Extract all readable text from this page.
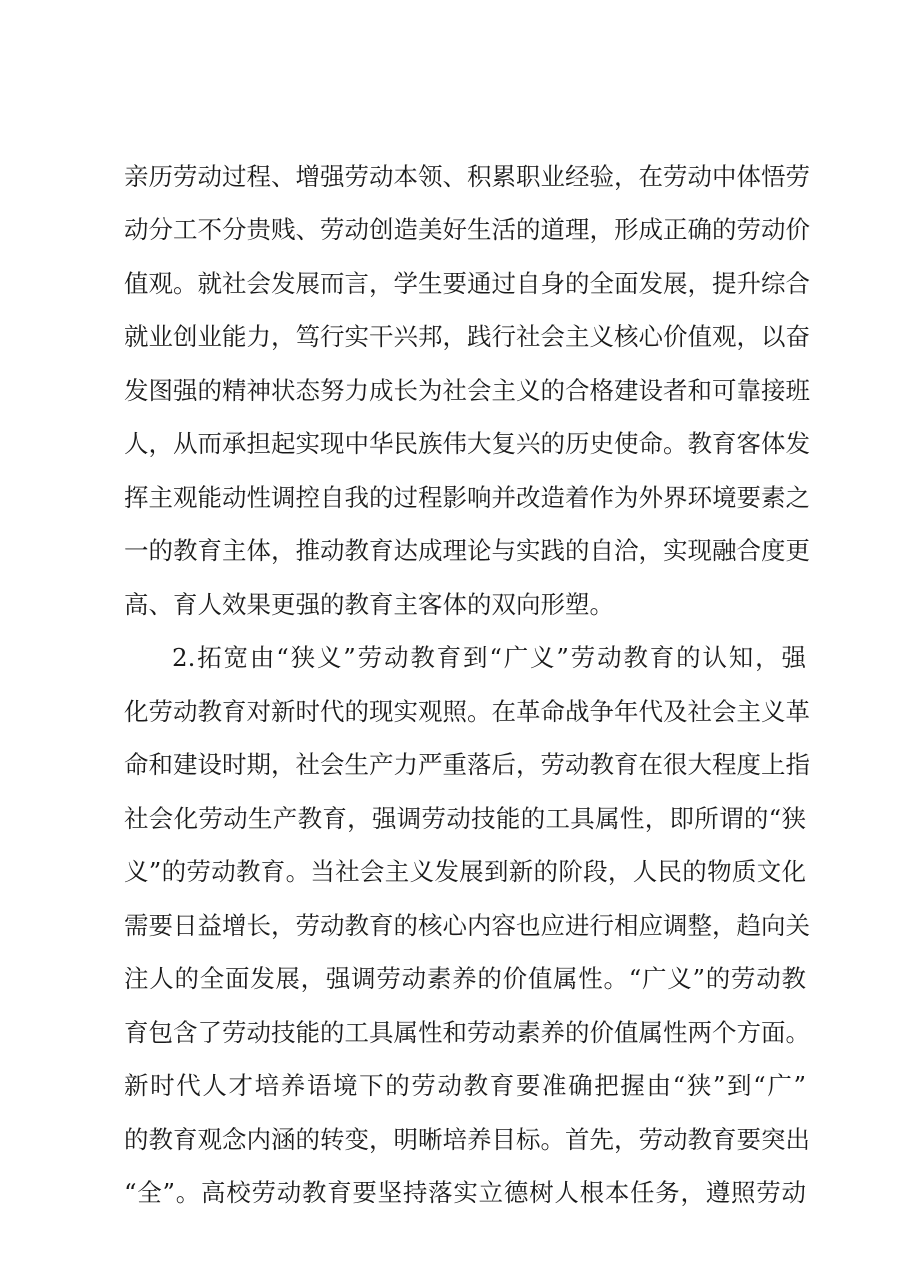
亲历劳动过程、增强劳动本领、积累职业经验，在劳动中体悟劳
动分工不分贵贱、劳动创造美好生活的道理，形成正确的劳动价
值观。就社会发展而言，学生要通过自身的全面发展，提升综合
就业创业能力，笃行实干兴邦，践行社会主义核心价值观，以奋
发图强的精神状态努力成长为社会主义的合格建设者和可靠接班
人，从而承担起实现中华民族伟大复兴的历史使命。教育客体发
挥主观能动性调控自我的过程影响并改造着作为外界环境要素之
一的教育主体，推动教育达成理论与实践的自洽，实现融合度更
高、育人效果更强的教育主客体的双向形塑。
2.拓宽由“狭义”劳动教育到“广义”劳动教育的认知，强
化劳动教育对新时代的现实观照。在革命战争年代及社会主义革
命和建设时期，社会生产力严重落后，劳动教育在很大程度上指
社会化劳动生产教育，强调劳动技能的工具属性，即所谓的“狭
义”的劳动教育。当社会主义发展到新的阶段，人民的物质文化
需要日益增长，劳动教育的核心内容也应进行相应调整，趋向关
注人的全面发展，强调劳动素养的价值属性。“广义”的劳动教
育包含了劳动技能的工具属性和劳动素养的价值属性两个方面。
新时代人才培养语境下的劳动教育要准确把握由“狭”到“广”
的教育观念内涵的转变，明晰培养目标。首先，劳动教育要突出
“全”。高校劳动教育要坚持落实立德树人根本任务，遵照劳动
